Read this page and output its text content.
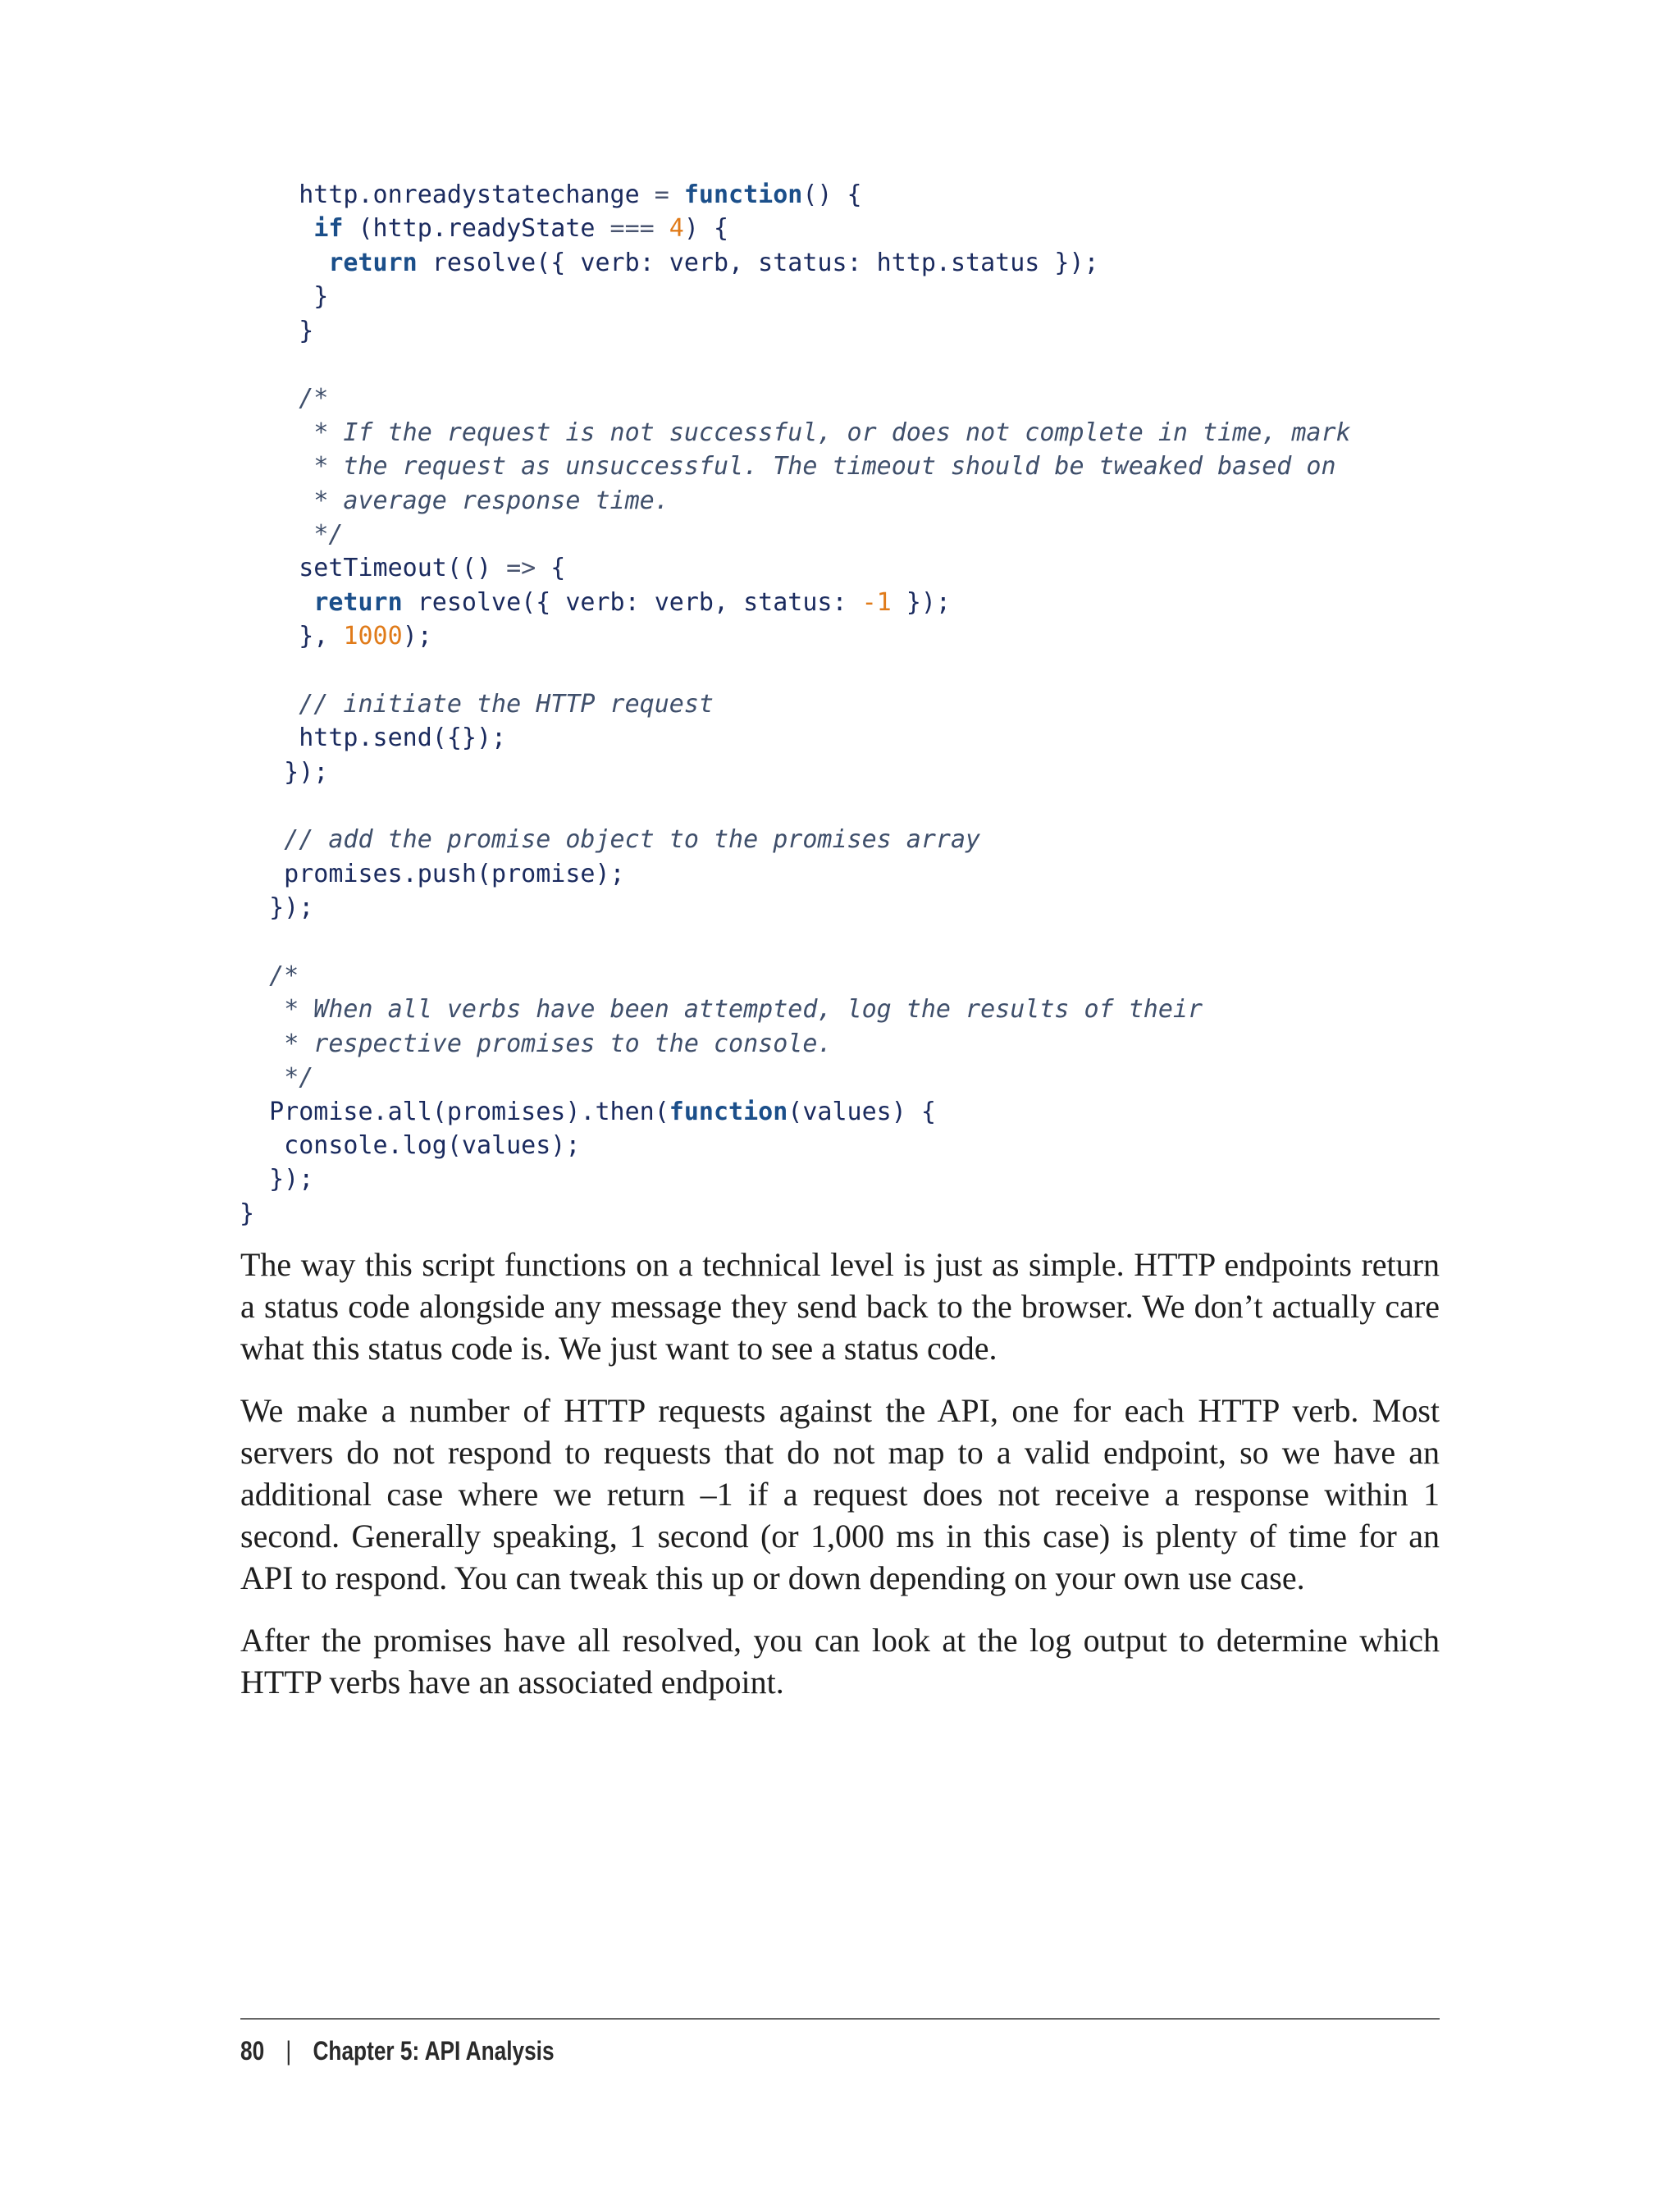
http.onreadystatechange = function() {
if (http.readyState === 4) {
return resolve({ verb: verb, status: http.status });
}
}
/*
* If the request is not successful, or does not complete in time, mark
* the request as unsuccessful. The timeout should be tweaked based on
* average response time.
*/
setTimeout(() => {
return resolve({ verb: verb, status: -1 });
}, 1000);
// initiate the HTTP request
http.send({});
});
// add the promise object to the promises array
promises.push(promise);
});
/*
* When all verbs have been attempted, log the results of their
* respective promises to the console.
*/
Promise.all(promises).then(function(values) {
console.log(values);
});
}

The way this script functions on a technical level is just as simple. HTTP endpoints return a status code alongside any message they send back to the browser. We don’t actually care what this status code is. We just want to see a status code.

We make a number of HTTP requests against the API, one for each HTTP verb. Most servers do not respond to requests that do not map to a valid endpoint, so we have an additional case where we return –1 if a request does not receive a response within 1 second. Generally speaking, 1 second (or 1,000 ms in this case) is plenty of time for an API to respond. You can tweak this up or down depending on your own use case.

After the promises have all resolved, you can look at the log output to determine which HTTP verbs have an associated endpoint.

80 | Chapter 5: API Analysis
